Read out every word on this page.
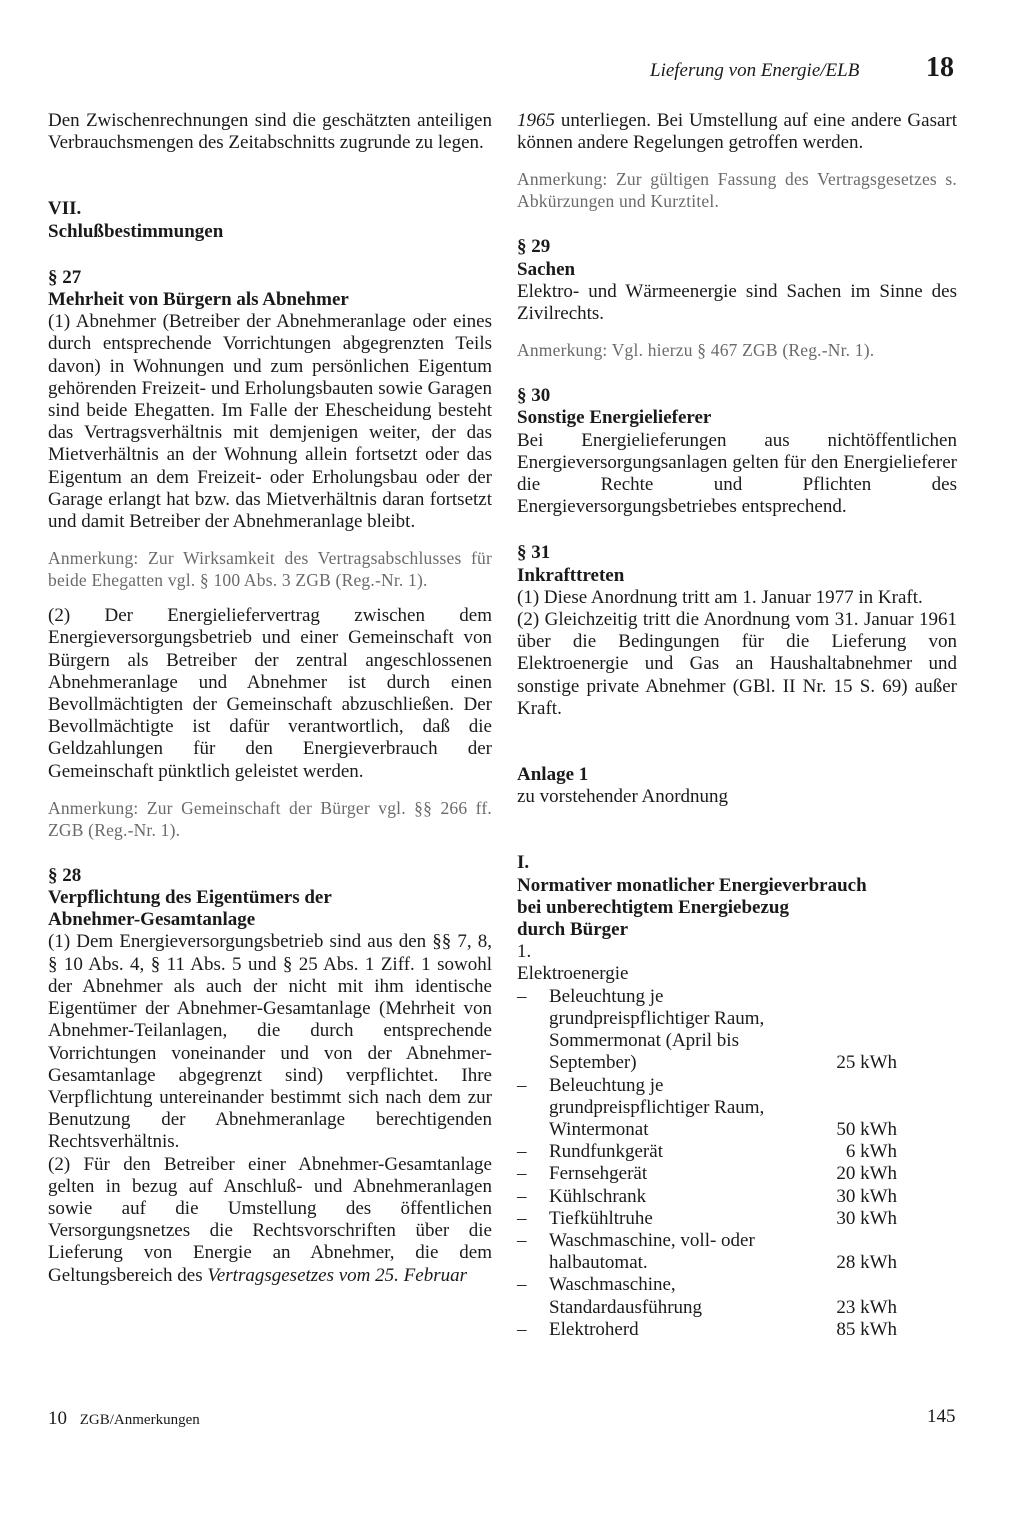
Lieferung von Energie/ELB 18

Den Zwischenrechnungen sind die geschätzten anteiligen Verbrauchsmengen des Zeitabschnitts zugrunde zu legen.

VII.
Schlußbestimmungen
§ 27
Mehrheit von Bürgern als Abnehmer

(1) Abnehmer (Betreiber der Abnehmeranlage oder eines durch entsprechende Vorrichtungen abgegrenzten Teils davon) in Wohnungen und zum persönlichen Eigentum gehörenden Freizeit- und Erholungsbauten sowie Garagen sind beide Ehegatten. Im Falle der Ehescheidung besteht das Vertragsverhältnis mit demjenigen weiter, der das Mietverhältnis an der Wohnung allein fortsetzt oder das Eigentum an dem Freizeit- oder Erholungsbau oder der Garage erlangt hat bzw. das Mietverhältnis daran fortsetzt und damit Betreiber der Abnehmeranlage bleibt.

Anmerkung: Zur Wirksamkeit des Vertragsabschlusses für beide Ehegatten vgl. § 100 Abs. 3 ZGB (Reg.-Nr. 1).

(2) Der Energieliefervertrag zwischen dem Energieversorgungsbetrieb und einer Gemeinschaft von Bürgern als Betreiber der zentral angeschlossenen Abnehmeranlage und Abnehmer ist durch einen Bevollmächtigten der Gemeinschaft abzuschließen. Der Bevollmächtigte ist dafür verantwortlich, daß die Geldzahlungen für den Energieverbrauch der Gemeinschaft pünktlich geleistet werden.

Anmerkung: Zur Gemeinschaft der Bürger vgl. §§ 266 ff. ZGB (Reg.-Nr. 1).

§ 28
Verpflichtung des Eigentümers der
Abnehmer-Gesamtanlage

(1) Dem Energieversorgungsbetrieb sind aus den §§ 7, 8, § 10 Abs. 4, § 11 Abs. 5 und § 25 Abs. 1 Ziff. 1 sowohl der Abnehmer als auch der nicht mit ihm identische Eigentümer der Abnehmer-Gesamtanlage (Mehrheit von Abnehmer-Teilanlagen, die durch entsprechende Vorrichtungen voneinander und von der Abnehmer-Gesamtanlage abgegrenzt sind) verpflichtet. Ihre Verpflichtung untereinander bestimmt sich nach dem zur Benutzung der Abnehmeranlage berechtigenden Rechtsverhältnis.

(2) Für den Betreiber einer Abnehmer-Gesamtanlage gelten in bezug auf Anschluß- und Abnehmeranlagen sowie auf die Umstellung des öffentlichen Versorgungsnetzes die Rechtsvorschriften über die Lieferung von Energie an Abnehmer, die dem Geltungsbereich des Vertragsgesetzes vom 25. Februar

1965 unterliegen. Bei Umstellung auf eine andere Gasart können andere Regelungen getroffen werden.

Anmerkung: Zur gültigen Fassung des Vertragsgesetzes s. Abkürzungen und Kurztitel.

§ 29
Sachen

Elektro- und Wärmeenergie sind Sachen im Sinne des Zivilrechts.

Anmerkung: Vgl. hierzu § 467 ZGB (Reg.-Nr. 1).

§ 30
Sonstige Energielieferer

Bei Energielieferungen aus nichtöffentlichen Energieversorgungsanlagen gelten für den Energielieferer die Rechte und Pflichten des Energieversorgungsbetriebes entsprechend.

§ 31
Inkrafttreten

(1) Diese Anordnung tritt am 1. Januar 1977 in Kraft.

(2) Gleichzeitig tritt die Anordnung vom 31. Januar 1961 über die Bedingungen für die Lieferung von Elektroenergie und Gas an Haushaltabnehmer und sonstige private Abnehmer (GBl. II Nr. 15 S. 69) außer Kraft.

Anlage 1
zu vorstehender Anordnung
I.
Normativer monatlicher Energieverbrauch
bei unberechtigtem Energiebezug
durch Bürger
1.
Elektroenergie
–	Beleuchtung je grundpreispflichtiger Raum, Sommermonat (April bis September)	25 kWh
–	Beleuchtung je grundpreispflichtiger Raum, Wintermonat	50 kWh
–	Rundfunkgerät	6 kWh
–	Fernsehgerät	20 kWh
–	Kühlschrank	30 kWh
–	Tiefkühltruhe	30 kWh
–	Waschmaschine, voll- oder halbautomat.	28 kWh
–	Waschmaschine, Standardausführung	23 kWh
–	Elektroherd	85 kWh
10 ZGB/Anmerkungen	145
